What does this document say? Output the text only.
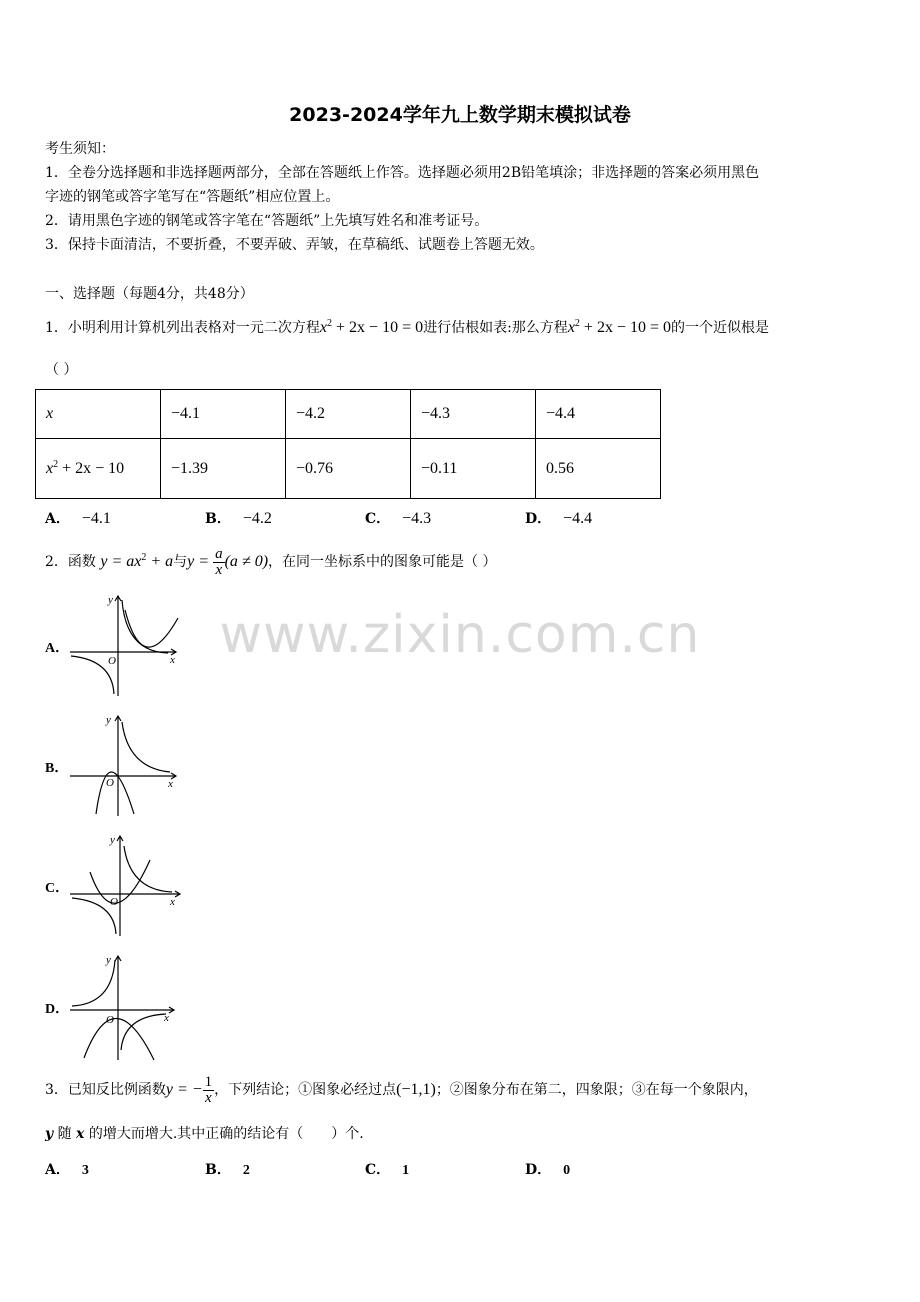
www.zixin.com.cn
2023-2024学年九上数学期末模拟试卷
考生须知：
1．全卷分选择题和非选择题两部分，全部在答题纸上作答。选择题必须用2B铅笔填涂；非选择题的答案必须用黑色
字迹的钢笔或答字笔写在“答题纸”相应位置上。
2．请用黑色字迹的钢笔或答字笔在“答题纸”上先填写姓名和准考证号。
3．保持卡面清洁，不要折叠，不要弄破、弄皱，在草稿纸、试题卷上答题无效。
一、选择题（每题4分，共48分）
1．小明利用计算机列出表格对一元二次方程$x^2 + 2x - 10 = 0$进行估根如表:那么方程$x^2 + 2x - 10 = 0$的一个近似根是
（ ）
x	−4.1	−4.2	−4.3	−4.4
$x^2 + 2x - 10$	−1.39	−0.76	−0.11	0.56
A． −4.1	B． −4.2	C． −4.3	D． −4.4
2．函数 $y = ax^2 + a$与$y = \frac{a}{x} (a \ne 0)$，在同一坐标系中的图象可能是（ ）
A．
y
x
O
B．
y
x
O
C．
y
x
O
D．
y
x
O
3．已知反比例函数y = − $\frac{1}{x}$ ，下列结论；①图象必经过点(−1,1)；②图象分布在第二，四象限；③在每一个象限内，
y 随 x 的增大而增大.其中正确的结论有（　　）个.
A． 3	B． 2	C． 1	D． 0
